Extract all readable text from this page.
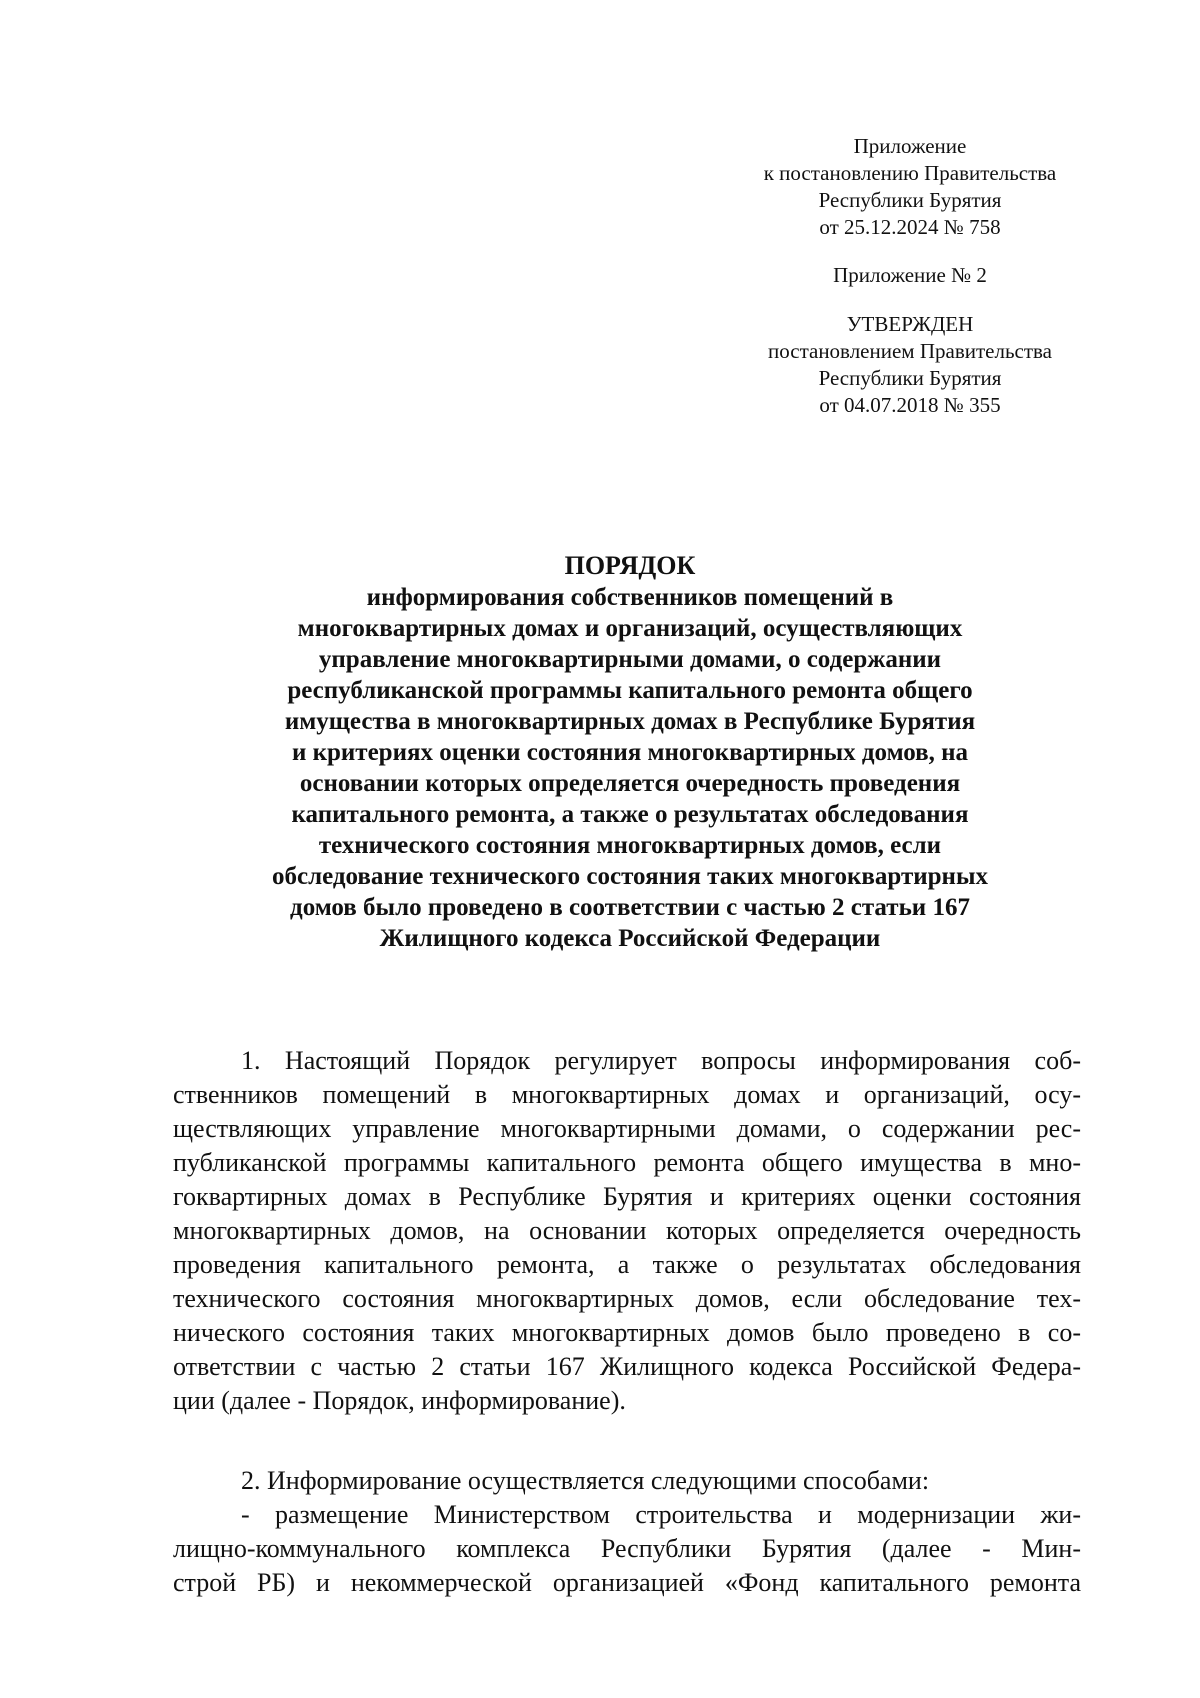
Приложение
к постановлению Правительства
Республики Бурятия
от 25.12.2024 № 758
Приложение № 2
УТВЕРЖДЕН
постановлением Правительства
Республики Бурятия
от 04.07.2018 № 355
ПОРЯДОК
информирования собственников помещений в
многоквартирных домах и организаций, осуществляющих
управление многоквартирными домами, о содержании
республиканской программы капитального ремонта общего
имущества в многоквартирных домах в Республике Бурятия
и критериях оценки состояния многоквартирных домов, на
основании которых определяется очередность проведения
капитального ремонта, а также о результатах обследования
технического состояния многоквартирных домов, если
обследование технического состояния таких многоквартирных
домов было проведено в соответствии с частью 2 статьи 167
Жилищного кодекса Российской Федерации
1. Настоящий Порядок регулирует вопросы информирования соб-
ственников помещений в многоквартирных домах и организаций, осу-
ществляющих управление многоквартирными домами, о содержании рес-
публиканской программы капитального ремонта общего имущества в мно-
гоквартирных домах в Республике Бурятия и критериях оценки состояния
многоквартирных домов, на основании которых определяется очередность
проведения капитального ремонта, а также о результатах обследования
технического состояния многоквартирных домов, если обследование тех-
нического состояния таких многоквартирных домов было проведено в со-
ответствии с частью 2 статьи 167 Жилищного кодекса Российской Федера-
ции (далее - Порядок, информирование).
2. Информирование осуществляется следующими способами:
- размещение Министерством строительства и модернизации жи-
лищно-коммунального комплекса Республики Бурятия (далее - Мин-
строй РБ) и некоммерческой организацией «Фонд капитального ремонта
